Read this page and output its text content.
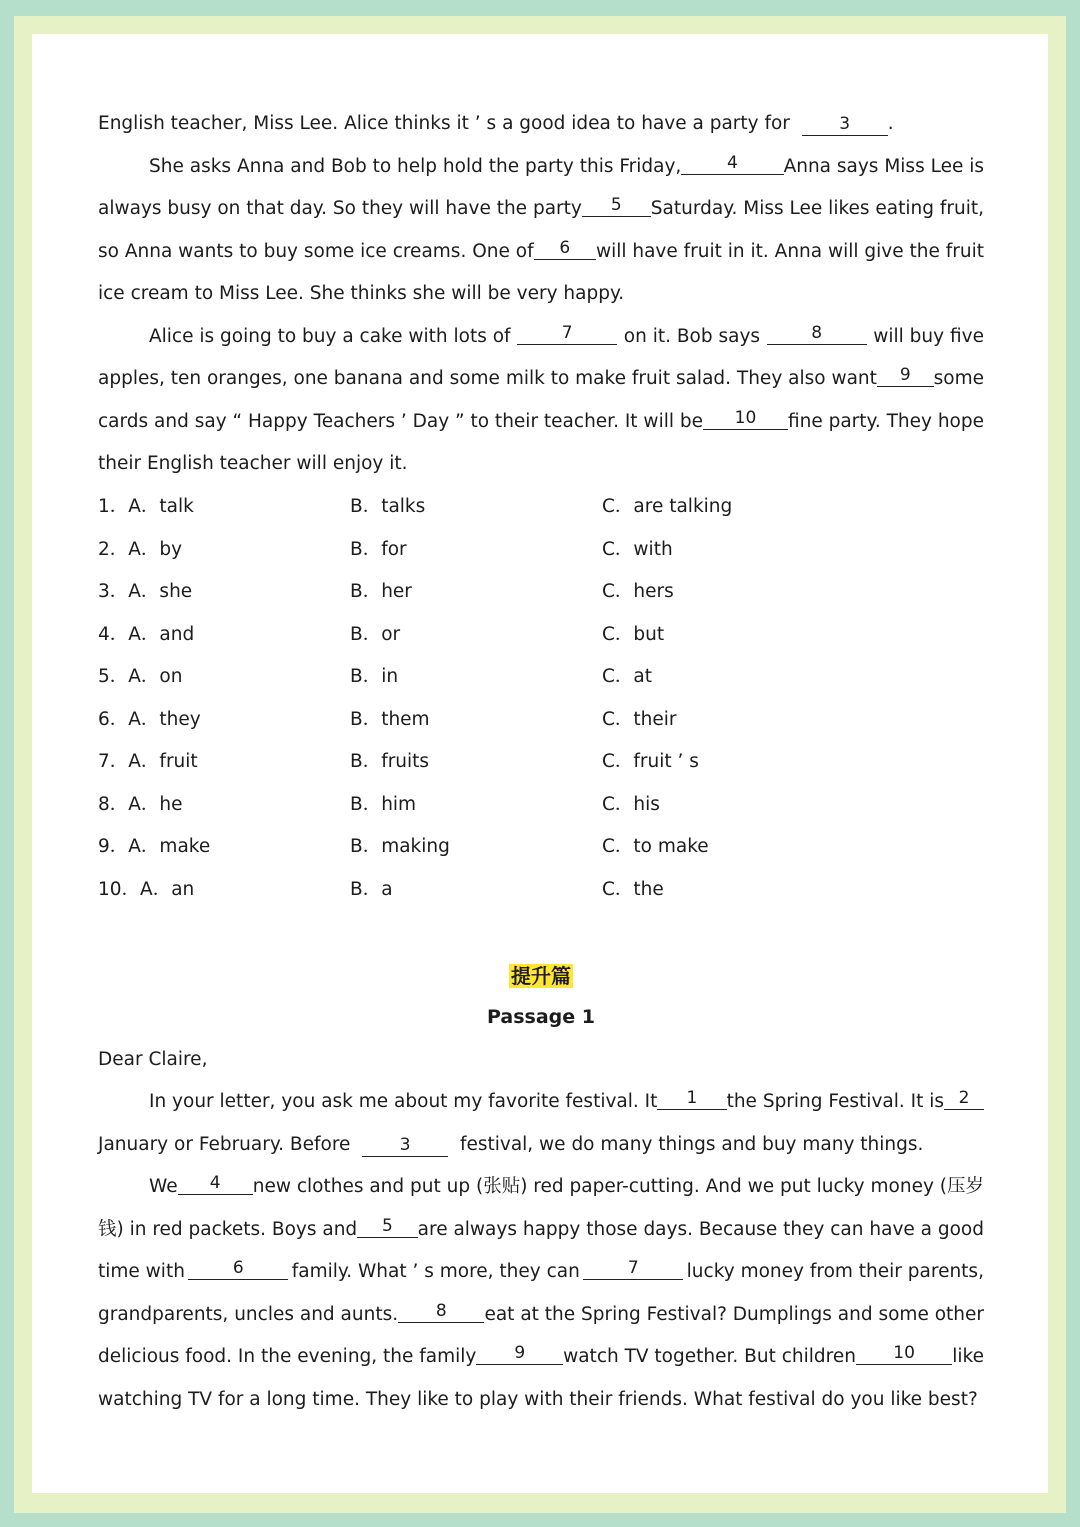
English teacher, Miss Lee. Alice thinks it ’ s a good idea to have a party for	3 .
She asks Anna and Bob to help hold the party this Friday,	4	Anna says Miss Lee is
always busy on that day. So they will have the party	5	Saturday. Miss Lee likes eating fruit,
so Anna wants to buy some ice creams. One of	6	will have fruit in it. Anna will give the fruit
ice cream to Miss Lee. She thinks she will be very happy.
Alice is going to buy a cake with lots of	7	on it. Bob says	8	will buy five
apples, ten oranges, one banana and some milk to make fruit salad. They also want	9	some
cards and say “ Happy Teachers ’ Day ” to their teacher. It will be	10	fine party. They hope
their English teacher will enjoy it.
1．A．talk	B．talks	C．are talking
2．A．by	B．for	C．with
3．A．she	B．her	C．hers
4．A．and	B．or	C．but
5．A．on	B．in	C．at
6．A．they	B．them	C．their
7．A．fruit	B．fruits	C．fruit ’ s
8．A．he	B．him	C．his
9．A．make	B．making	C．to make
10．A．an	B．a	C．the
提升篇
Passage 1
Dear Claire,
In your letter, you ask me about my favorite festival. It	1	the Spring Festival. It is 2
January or February. Before	3	festival, we do many things and buy many things.
We	4	new clothes and put up (张贴) red paper-cutting. And we put lucky money (压岁
钱) in red packets. Boys and	5	are always happy those days. Because they can have a good
time with	6	family. What ’ s more, they can	7	lucky money from their parents,
grandparents, uncles and aunts.	8	eat at the Spring Festival? Dumplings and some other
delicious food. In the evening, the family	9	watch TV together. But children	10	like
watching TV for a long time. They like to play with their friends. What festival do you like best?
